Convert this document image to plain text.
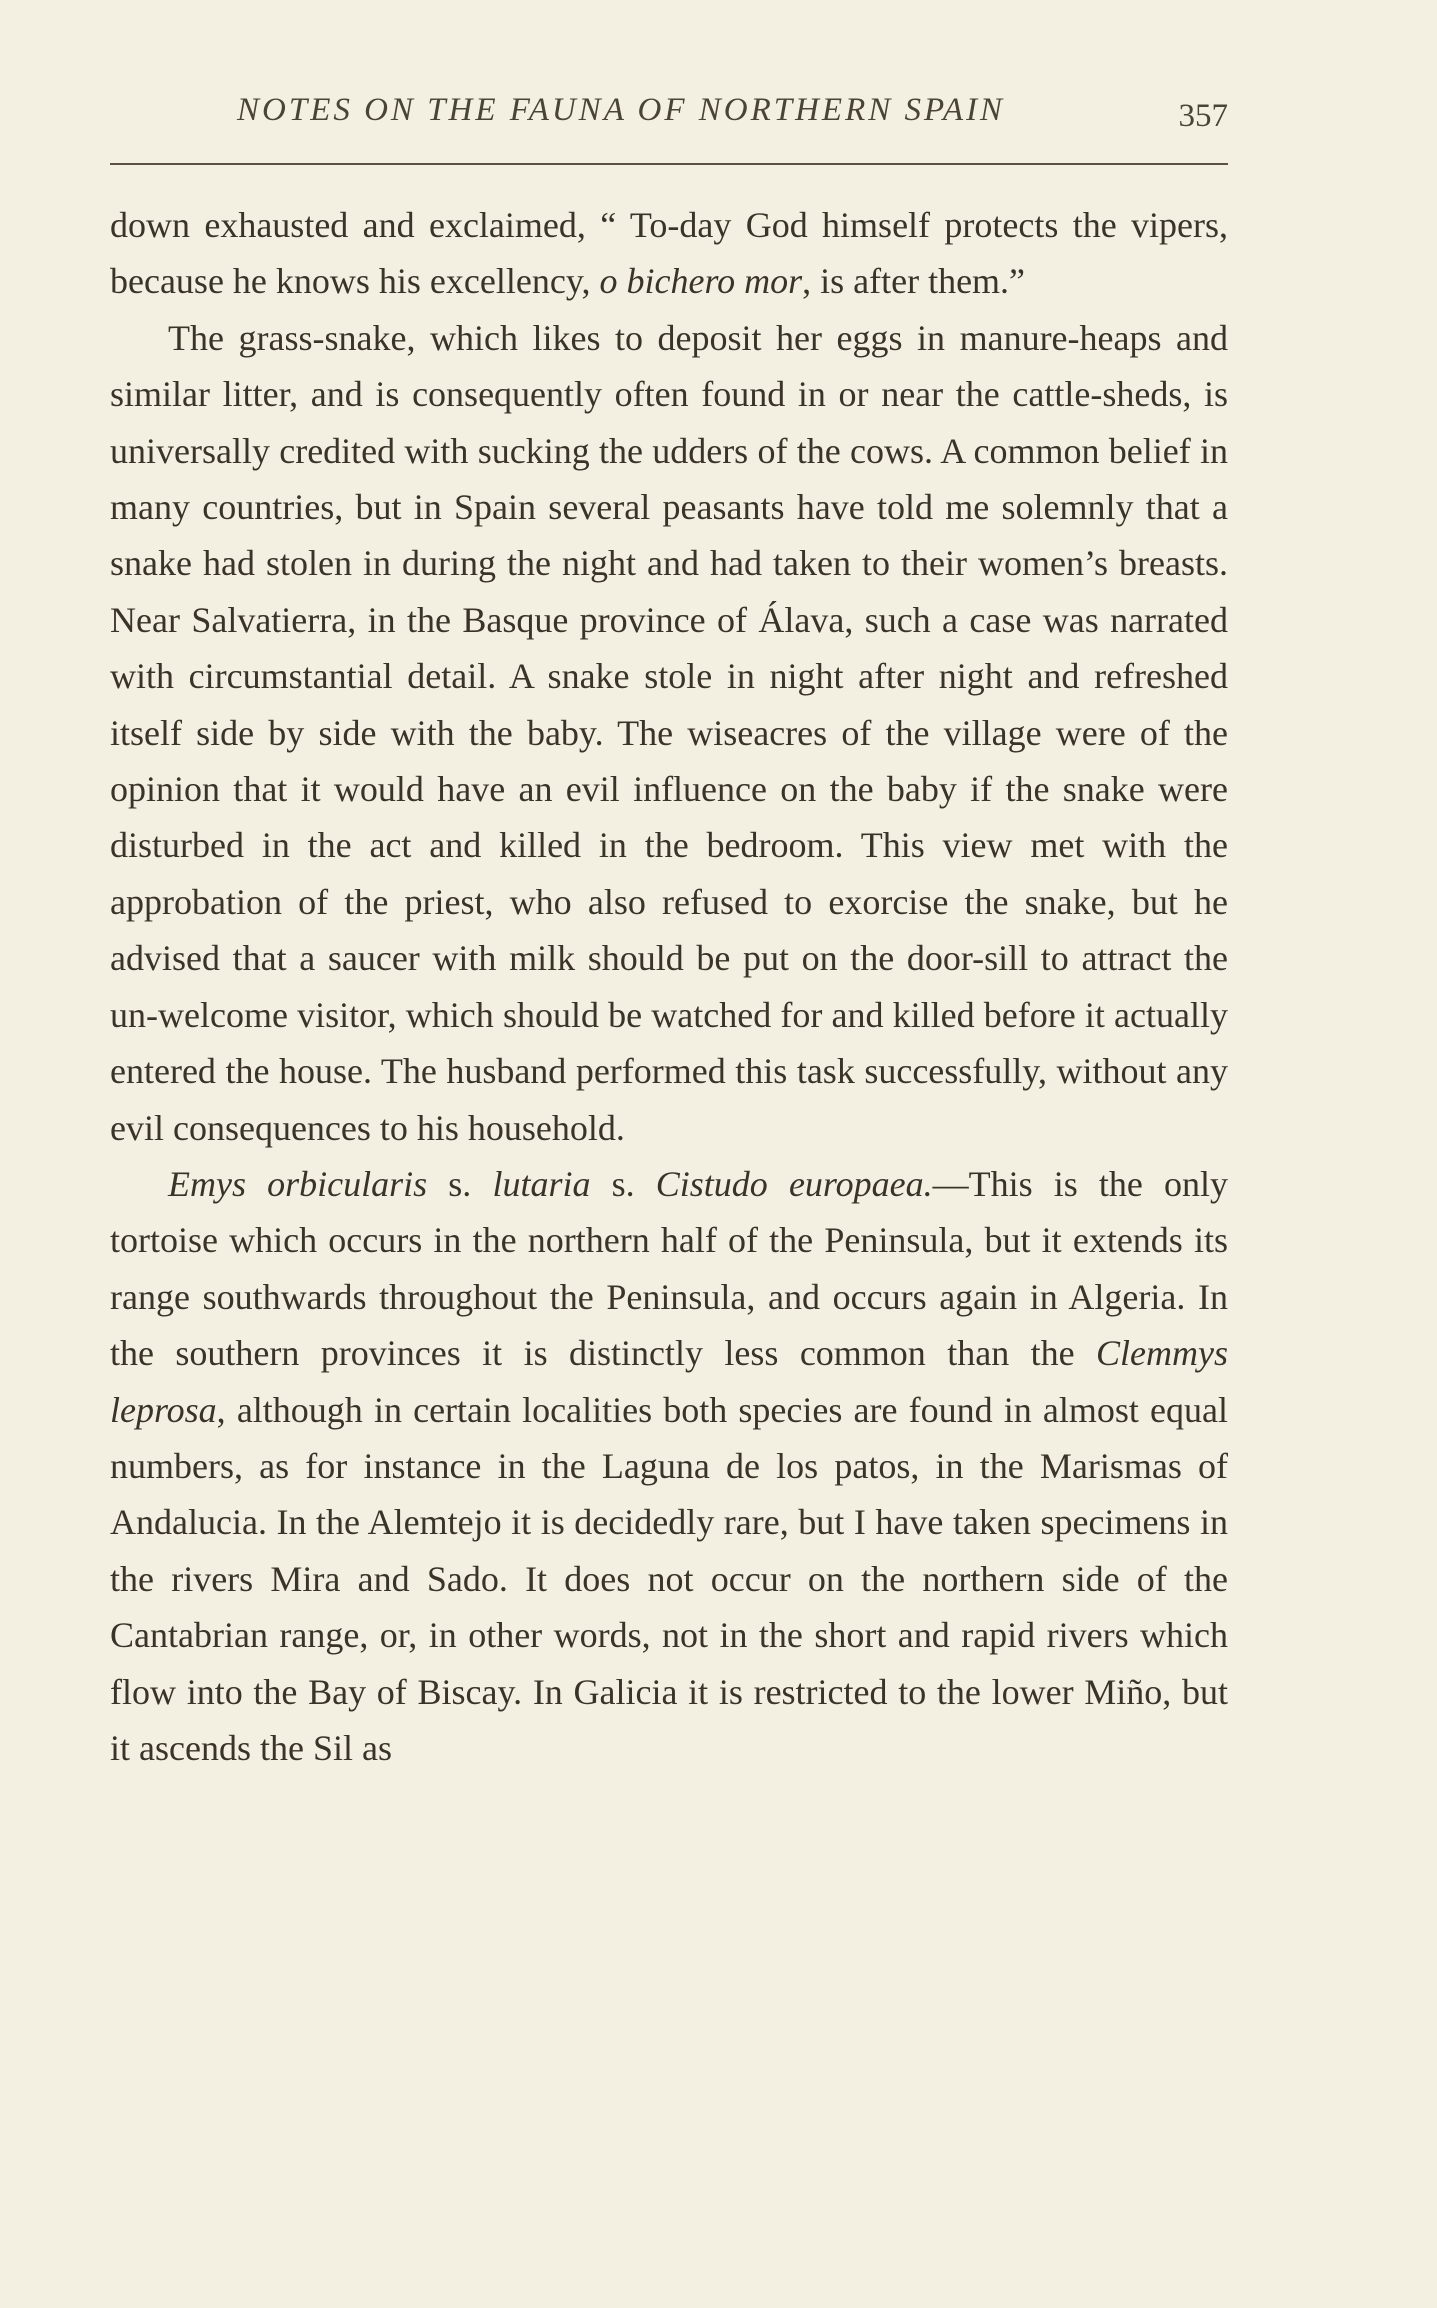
NOTES ON THE FAUNA OF NORTHERN SPAIN	357

down exhausted and exclaimed, “ To-day God himself protects the vipers, because he knows his excellency, o bichero mor, is after them.”

The grass-snake, which likes to deposit her eggs in manure-heaps and similar litter, and is consequently often found in or near the cattle-sheds, is universally credited with sucking the udders of the cows. A common belief in many countries, but in Spain several peasants have told me solemnly that a snake had stolen in during the night and had taken to their women’s breasts. Near Salvatierra, in the Basque province of Álava, such a case was narrated with circumstantial detail. A snake stole in night after night and refreshed itself side by side with the baby. The wiseacres of the village were of the opinion that it would have an evil influence on the baby if the snake were disturbed in the act and killed in the bedroom. This view met with the approbation of the priest, who also refused to exorcise the snake, but he advised that a saucer with milk should be put on the door-sill to attract the un-welcome visitor, which should be watched for and killed before it actually entered the house. The husband performed this task successfully, without any evil consequences to his household.

Emys orbicularis s. lutaria s. Cistudo europaea.—This is the only tortoise which occurs in the northern half of the Peninsula, but it extends its range southwards throughout the Peninsula, and occurs again in Algeria. In the southern provinces it is distinctly less common than the Clemmys leprosa, although in certain localities both species are found in almost equal numbers, as for instance in the Laguna de los patos, in the Marismas of Andalucia. In the Alemtejo it is decidedly rare, but I have taken specimens in the rivers Mira and Sado. It does not occur on the northern side of the Cantabrian range, or, in other words, not in the short and rapid rivers which flow into the Bay of Biscay. In Galicia it is restricted to the lower Miño, but it ascends the Sil as
